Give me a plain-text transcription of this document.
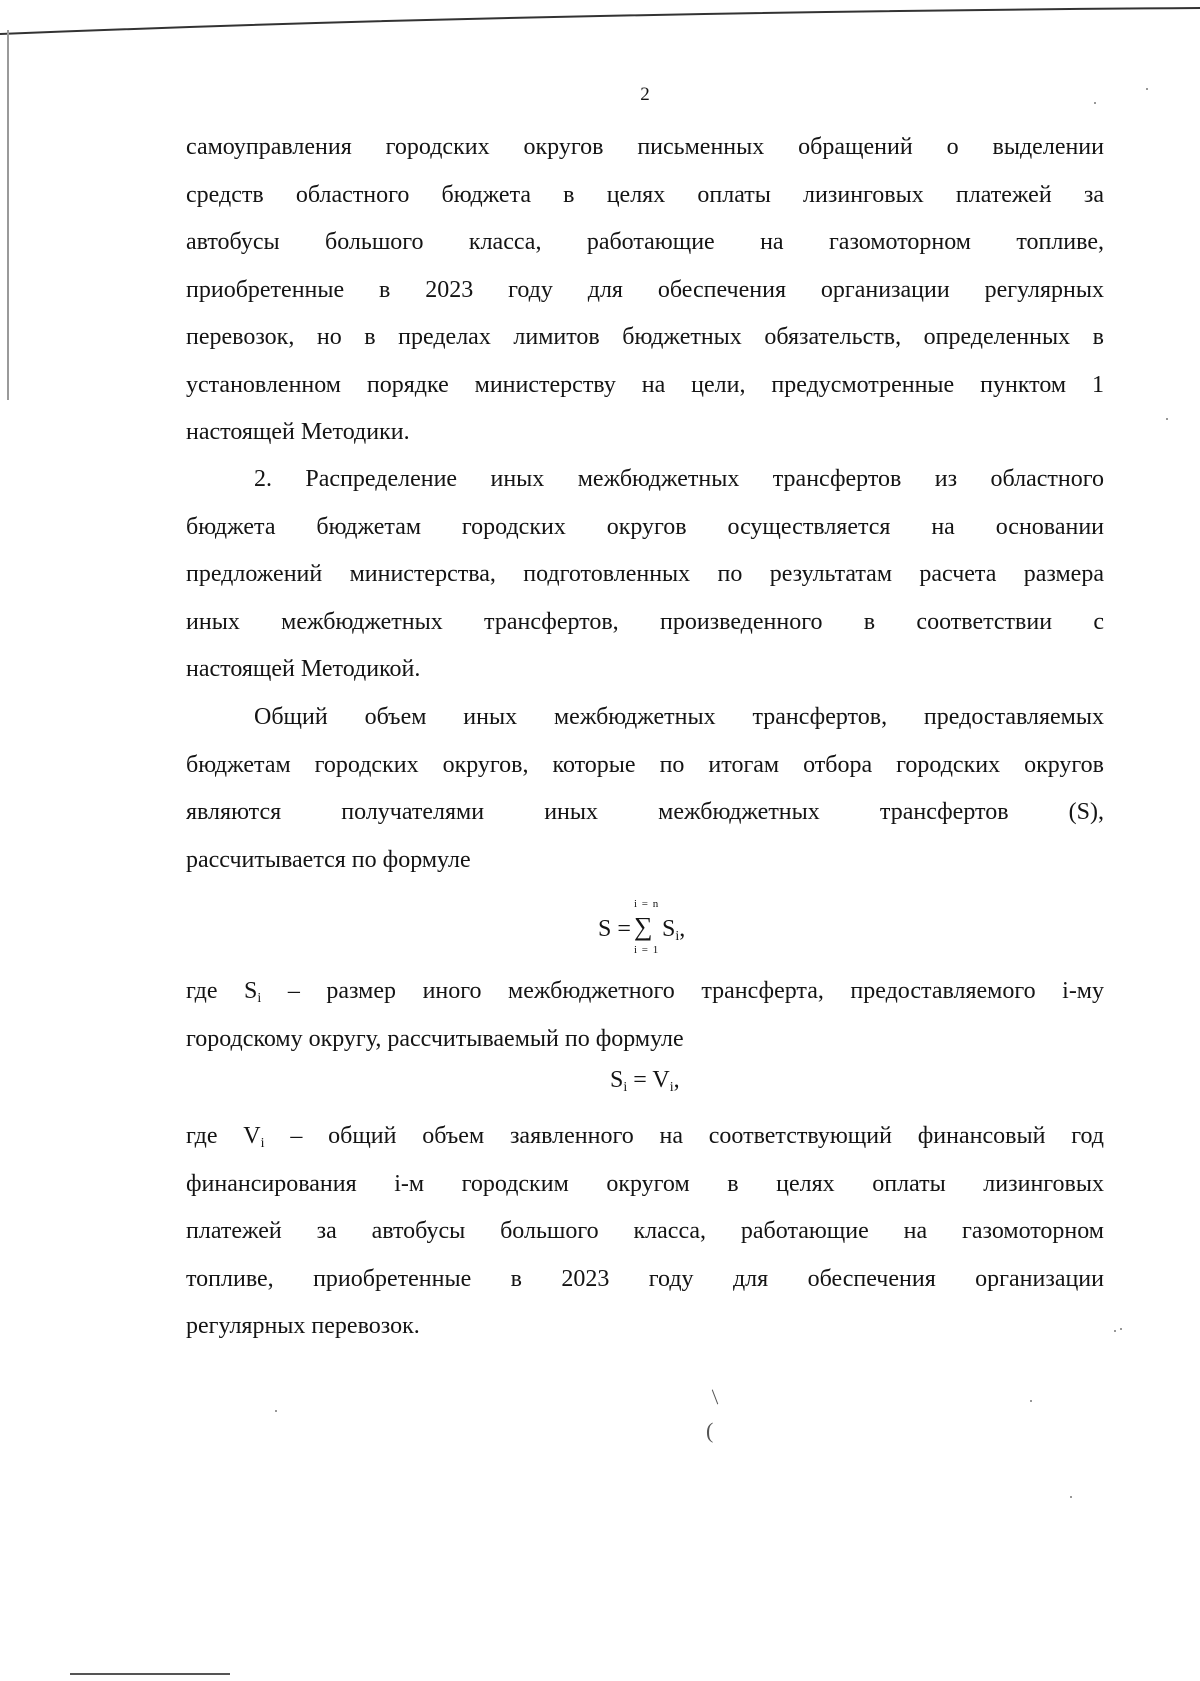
/
(
2
самоуправления городских округов письменных обращений о выделении
средств областного бюджета в целях оплаты лизинговых платежей за
автобусы большого класса, работающие на газомоторном топливе,
приобретенные в 2023 году для обеспечения организации регулярных
перевозок, но в пределах лимитов бюджетных обязательств, определенных в
установленном порядке министерству на цели, предусмотренные пунктом 1
настоящей Методики.
2. Распределение иных межбюджетных трансфертов из областного
бюджета бюджетам городских округов осуществляется на основании
предложений министерства, подготовленных по результатам расчета размера
иных межбюджетных трансфертов, произведенного в соответствии с
настоящей Методикой.
Общий объем иных межбюджетных трансфертов, предоставляемых
бюджетам городских округов, которые по итогам отбора городских округов
являются получателями иных межбюджетных трансфертов (S),
рассчитывается по формуле
i = n
S = ∑ $S_i$,
i = 1
где $S_i$ – размер иного межбюджетного трансферта, предоставляемого i-му
городскому округу, рассчитываемый по формуле
$S_i = V_i$,
где $V_i$ – общий объем заявленного на соответствующий финансовый год
финансирования i-м городским округом в целях оплаты лизинговых
платежей за автобусы большого класса, работающие на газомоторном
топливе, приобретенные в 2023 году для обеспечения организации
регулярных перевозок.
